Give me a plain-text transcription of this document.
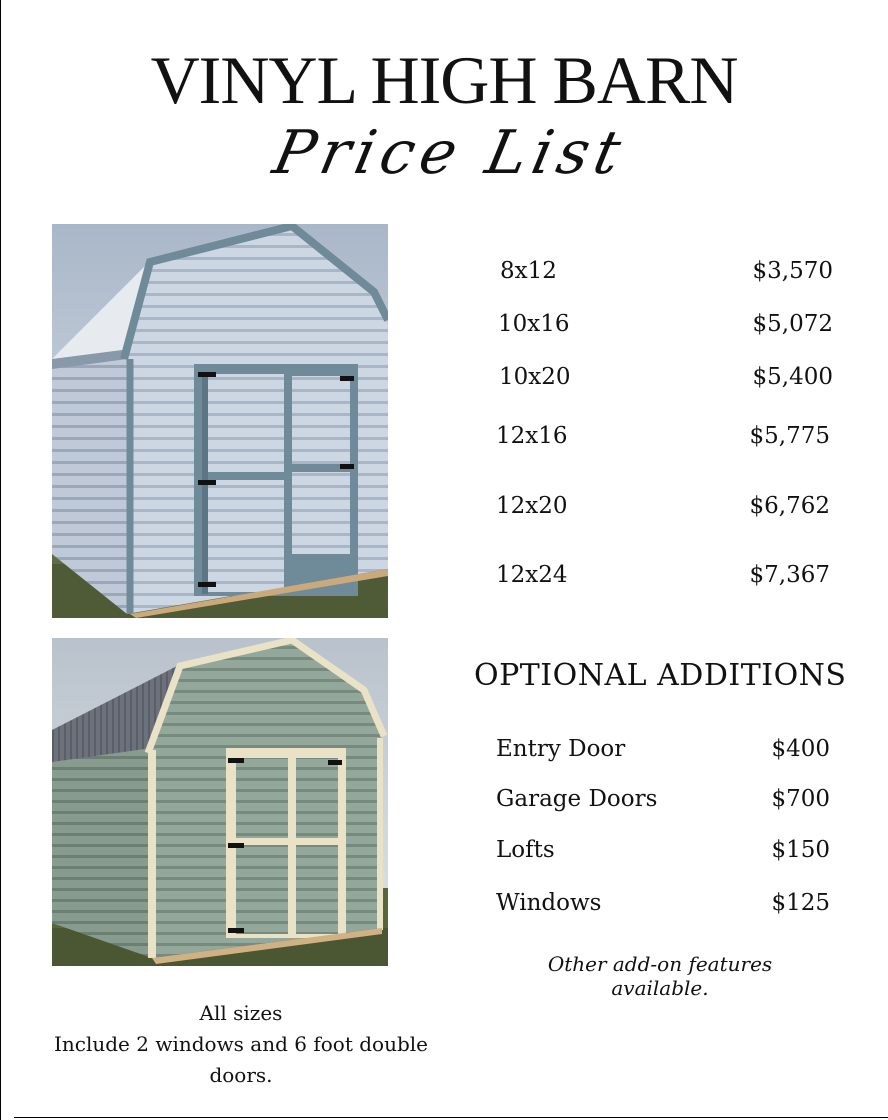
VINYL HIGH BARN
Price List
8x12	$3,570
10x16	$5,072
10x20	$5,400
12x16	$5,775
12x20	$6,762
12x24	$7,367
OPTIONAL ADDITIONS
Entry Door	$400
Garage Doors	$700
Lofts	$150
Windows	$125
Other add-on features available.
All sizes
Include 2 windows and 6 foot double doors.
